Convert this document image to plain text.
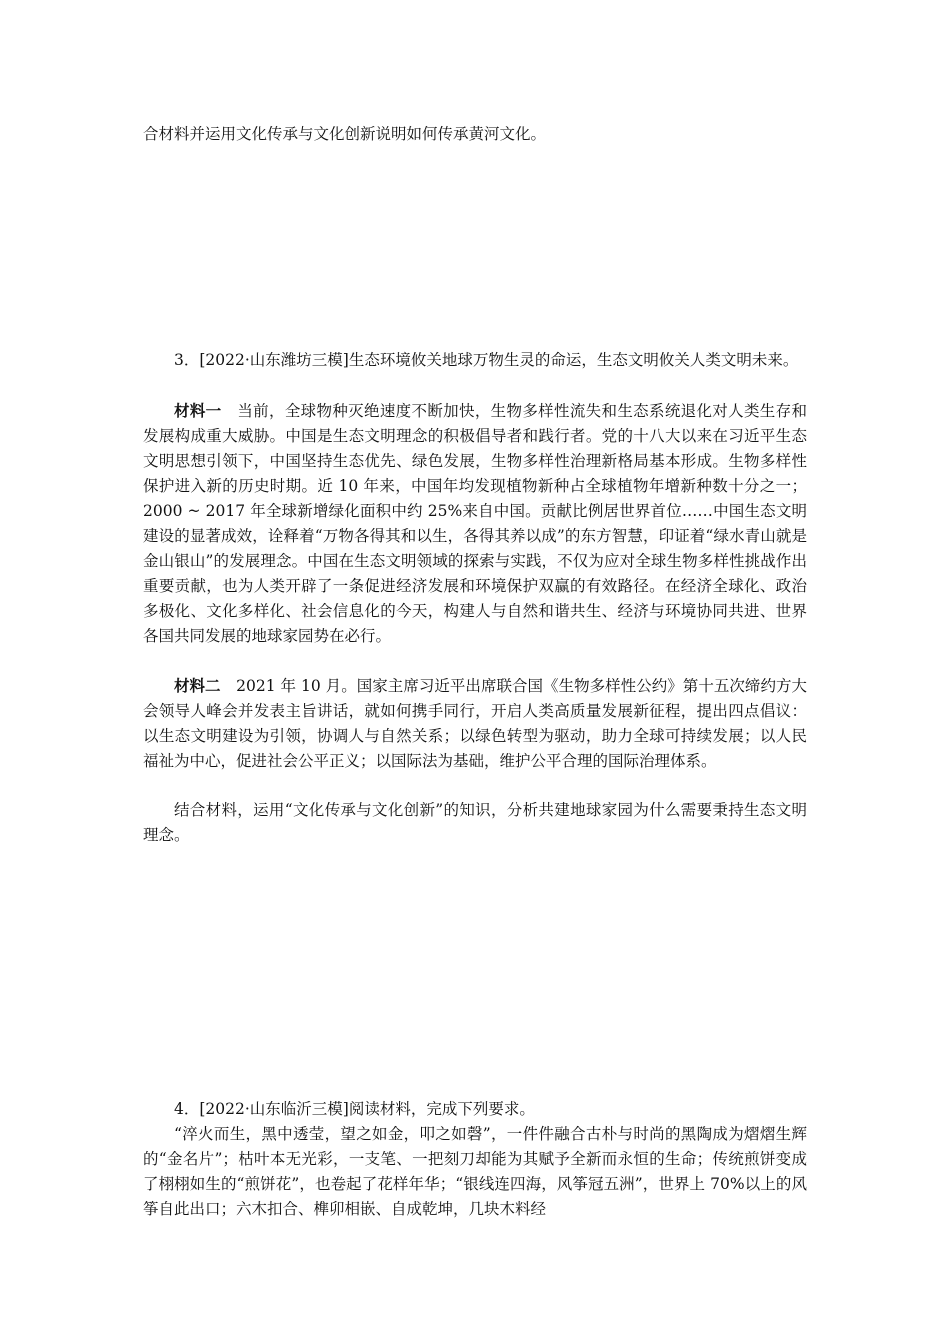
合材料并运用文化传承与文化创新说明如何传承黄河文化。

3．[2022·山东潍坊三模]生态环境攸关地球万物生灵的命运，生态文明攸关人类文明未来。

材料一　当前，全球物种灭绝速度不断加快，生物多样性流失和生态系统退化对人类生存和发展构成重大威胁。中国是生态文明理念的积极倡导者和践行者。党的十八大以来在习近平生态文明思想引领下，中国坚持生态优先、绿色发展，生物多样性治理新格局基本形成。生物多样性保护进入新的历史时期。近 10 年来，中国年均发现植物新种占全球植物年增新种数十分之一；2000 ~ 2017 年全球新增绿化面积中约 25%来自中国。贡献比例居世界首位……中国生态文明建设的显著成效，诠释着“万物各得其和以生，各得其养以成”的东方智慧，印证着“绿水青山就是金山银山”的发展理念。中国在生态文明领域的探索与实践，不仅为应对全球生物多样性挑战作出重要贡献，也为人类开辟了一条促进经济发展和环境保护双赢的有效路径。在经济全球化、政治多极化、文化多样化、社会信息化的今天，构建人与自然和谐共生、经济与环境协同共进、世界各国共同发展的地球家园势在必行。

材料二　2021 年 10 月。国家主席习近平出席联合国《生物多样性公约》第十五次缔约方大会领导人峰会并发表主旨讲话，就如何携手同行，开启人类高质量发展新征程，提出四点倡议：以生态文明建设为引领，协调人与自然关系；以绿色转型为驱动，助力全球可持续发展；以人民福祉为中心，促进社会公平正义；以国际法为基础，维护公平合理的国际治理体系。

结合材料，运用“文化传承与文化创新”的知识，分析共建地球家园为什么需要秉持生态文明理念。

4．[2022·山东临沂三模]阅读材料，完成下列要求。

“淬火而生，黑中透莹，望之如金，叩之如磬”，一件件融合古朴与时尚的黑陶成为熠熠生辉的“金名片”；枯叶本无光彩，一支笔、一把刻刀却能为其赋予全新而永恒的生命；传统煎饼变成了栩栩如生的“煎饼花”，也卷起了花样年华；“银线连四海，风筝冠五洲”，世界上 70%以上的风筝自此出口；六木扣合、榫卯相嵌、自成乾坤，几块木料经
